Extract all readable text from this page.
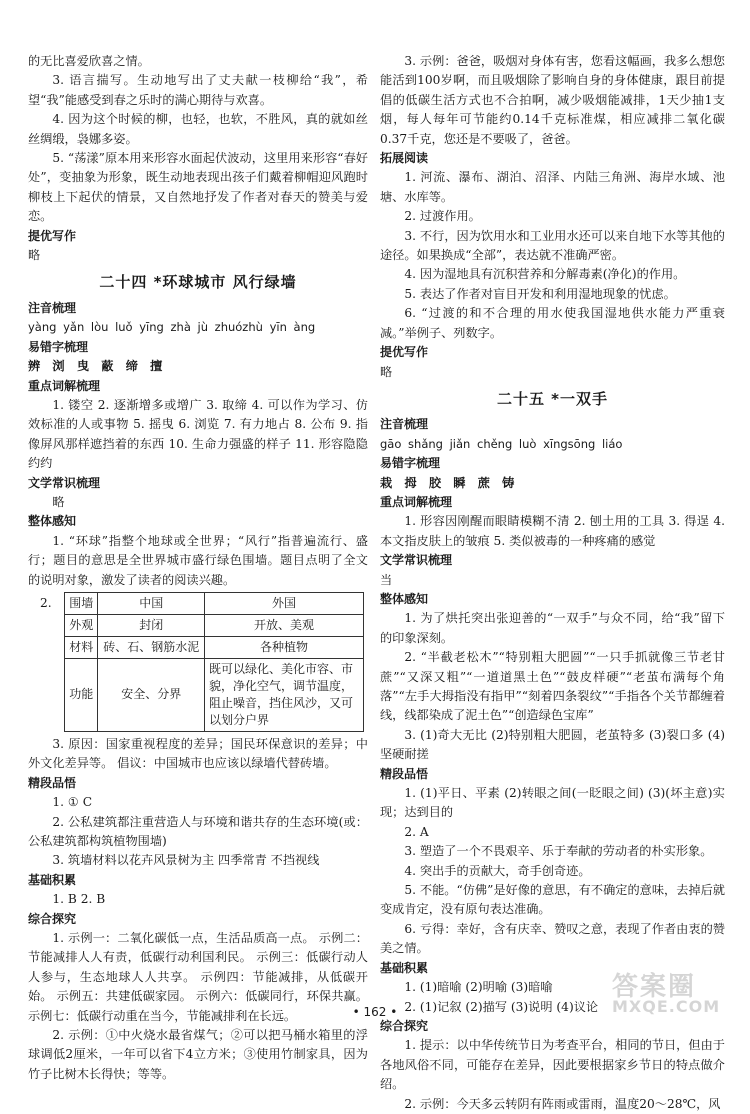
的无比喜爱欣喜之情。

3. 语言揣写。生动地写出了丈夫献一枝柳给“我”，希望“我”能感受到春之乐时的满心期待与欢喜。

4. 因为这个时候的柳，也轻，也软，不胜风，真的就如丝丝绸缎，袅娜多姿。

5. “荡漾”原本用来形容水面起伏波动，这里用来形容“春好处”，变抽象为形象，既生动地表现出孩子们戴着柳帽迎风跑时柳枝上下起伏的情景，又自然地抒发了作者对春天的赞美与爱恋。

提优写作

略

二十四 *环球城市 风行绿墙

注音梳理

yàng yǎn lòu luǒ yīng zhà jù zhuózhù yīn àng

易错字梳理

辨 浏 曳 蔽 缔 擅

重点词解梳理

1. 镂空 2. 逐渐增多或增广 3. 取缔 4. 可以作为学习、仿效标准的人或事物 5. 摇曳 6. 浏览 7. 有力地占 8. 公布 9. 指像屏风那样遮挡着的东西 10. 生命力强盛的样子 11. 形容隐隐约约

文学常识梳理

略

整体感知

1. “环球”指整个地球或全世界；“风行”指普遍流行、盛行；题目的意思是全世界城市盛行绿色围墙。题目点明了全文的说明对象，激发了读者的阅读兴趣。

2. 围墙	中国	外国
外观	封闭	开放、美观
材料	砖、石、钢筋水泥	各种植物
功能	安全、分界	既可以绿化、美化市容、市貌，净化空气，调节温度，阻止噪音，挡住风沙，又可以划分户界

3. 原因：国家重视程度的差异；国民环保意识的差异；中外文化差异等。 倡议：中国城市也应该以绿墙代替砖墙。

精段品悟

1. ① C

2. 公私建筑都注重营造人与环境和谐共存的生态环境(或：公私建筑都构筑植物围墙)

3. 筑墙材料以花卉风景树为主 四季常青 不挡视线

基础积累

1. B 2. B

综合探究

1. 示例一：二氧化碳低一点，生活品质高一点。 示例二：节能减排人人有责，低碳行动利国利民。 示例三：低碳行动人人参与，生态地球人人共享。 示例四：节能减排，从低碳开始。 示例五：共建低碳家园。 示例六：低碳同行，环保共赢。 示例七：低碳行动重在当今，节能减排利在长远。

2. 示例：①中火烧水最省煤气；②可以把马桶水箱里的浮球调低2厘米，一年可以省下4立方米；③使用竹制家具，因为竹子比树木长得快；等等。

3. 示例：爸爸，吸烟对身体有害，您看这幅画，我多么想您能活到100岁啊，而且吸烟除了影响自身的身体健康，跟目前提倡的低碳生活方式也不合拍啊，减少吸烟能减排，1天少抽1支烟，每人每年可节能约0.14千克标准煤，相应减排二氧化碳0.37千克，您还是不要吸了，爸爸。

拓展阅读

1. 河流、瀑布、湖泊、沼泽、内陆三角洲、海岸水域、池塘、水库等。

2. 过渡作用。

3. 不行，因为饮用水和工业用水还可以来自地下水等其他的途径。如果换成“全部”，表达就不准确严密。

4. 因为湿地具有沉积营养和分解毒素(净化)的作用。

5. 表达了作者对盲目开发和利用湿地现象的忧虑。

6. “过渡的和不合理的用水使我国湿地供水能力严重衰减。”举例子、列数字。

提优写作

略

二十五 *一双手

注音梳理

gāo shǎng jiǎn chěng luò xīngsōng liáo

易错字梳理

栽 拇 胶 瞬 蔗 铸

重点词解梳理

1. 形容因刚醒而眼睛模糊不清 2. 刨土用的工具 3. 得逞 4. 本文指皮肤上的皱痕 5. 类似被毒的一种疼痛的感觉

文学常识梳理

当

整体感知

1. 为了烘托突出张迎善的“一双手”与众不同，给“我”留下的印象深刻。

2. “半截老松木”“特别粗大肥圆”“一只手抓就像三节老甘蔗”“又深又粗”“一道道黑土色”“鼓皮样硬”“老茧布满每个角落”“左手大拇指没有指甲”“刻着四条裂纹”“手指各个关节都缠着线，线都染成了泥土色”“创造绿色宝库”

3. (1)奇大无比 (2)特别粗大肥圆，老茧特多 (3)裂口多 (4)坚硬耐搓

精段品悟

1. (1)平日、平素 (2)转眼之间(一眨眼之间) (3)(坏主意)实现；达到目的

2. A

3. 塑造了一个不畏艰辛、乐于奉献的劳动者的朴实形象。

4. 突出手的贡献大，奇手创奇迹。

5. 不能。“仿佛”是好像的意思，有不确定的意味，去掉后就变成肯定，没有原句表达准确。

6. 亏得：幸好，含有庆幸、赞叹之意，表现了作者由衷的赞美之情。

基础积累

1. (1)暗喻 (2)明喻 (3)暗喻

2. (1)记叙 (2)描写 (3)说明 (4)议论

综合探究

1. 提示：以中华传统节日为考查平台，相同的节日，但由于各地风俗不同，可能存在差异，因此要根据家乡节日的特点做介绍。

2. 示例：今天多云转阴有阵雨或雷雨，温度20～28℃，风

• 162 •
答案圈
MXQE.COM
